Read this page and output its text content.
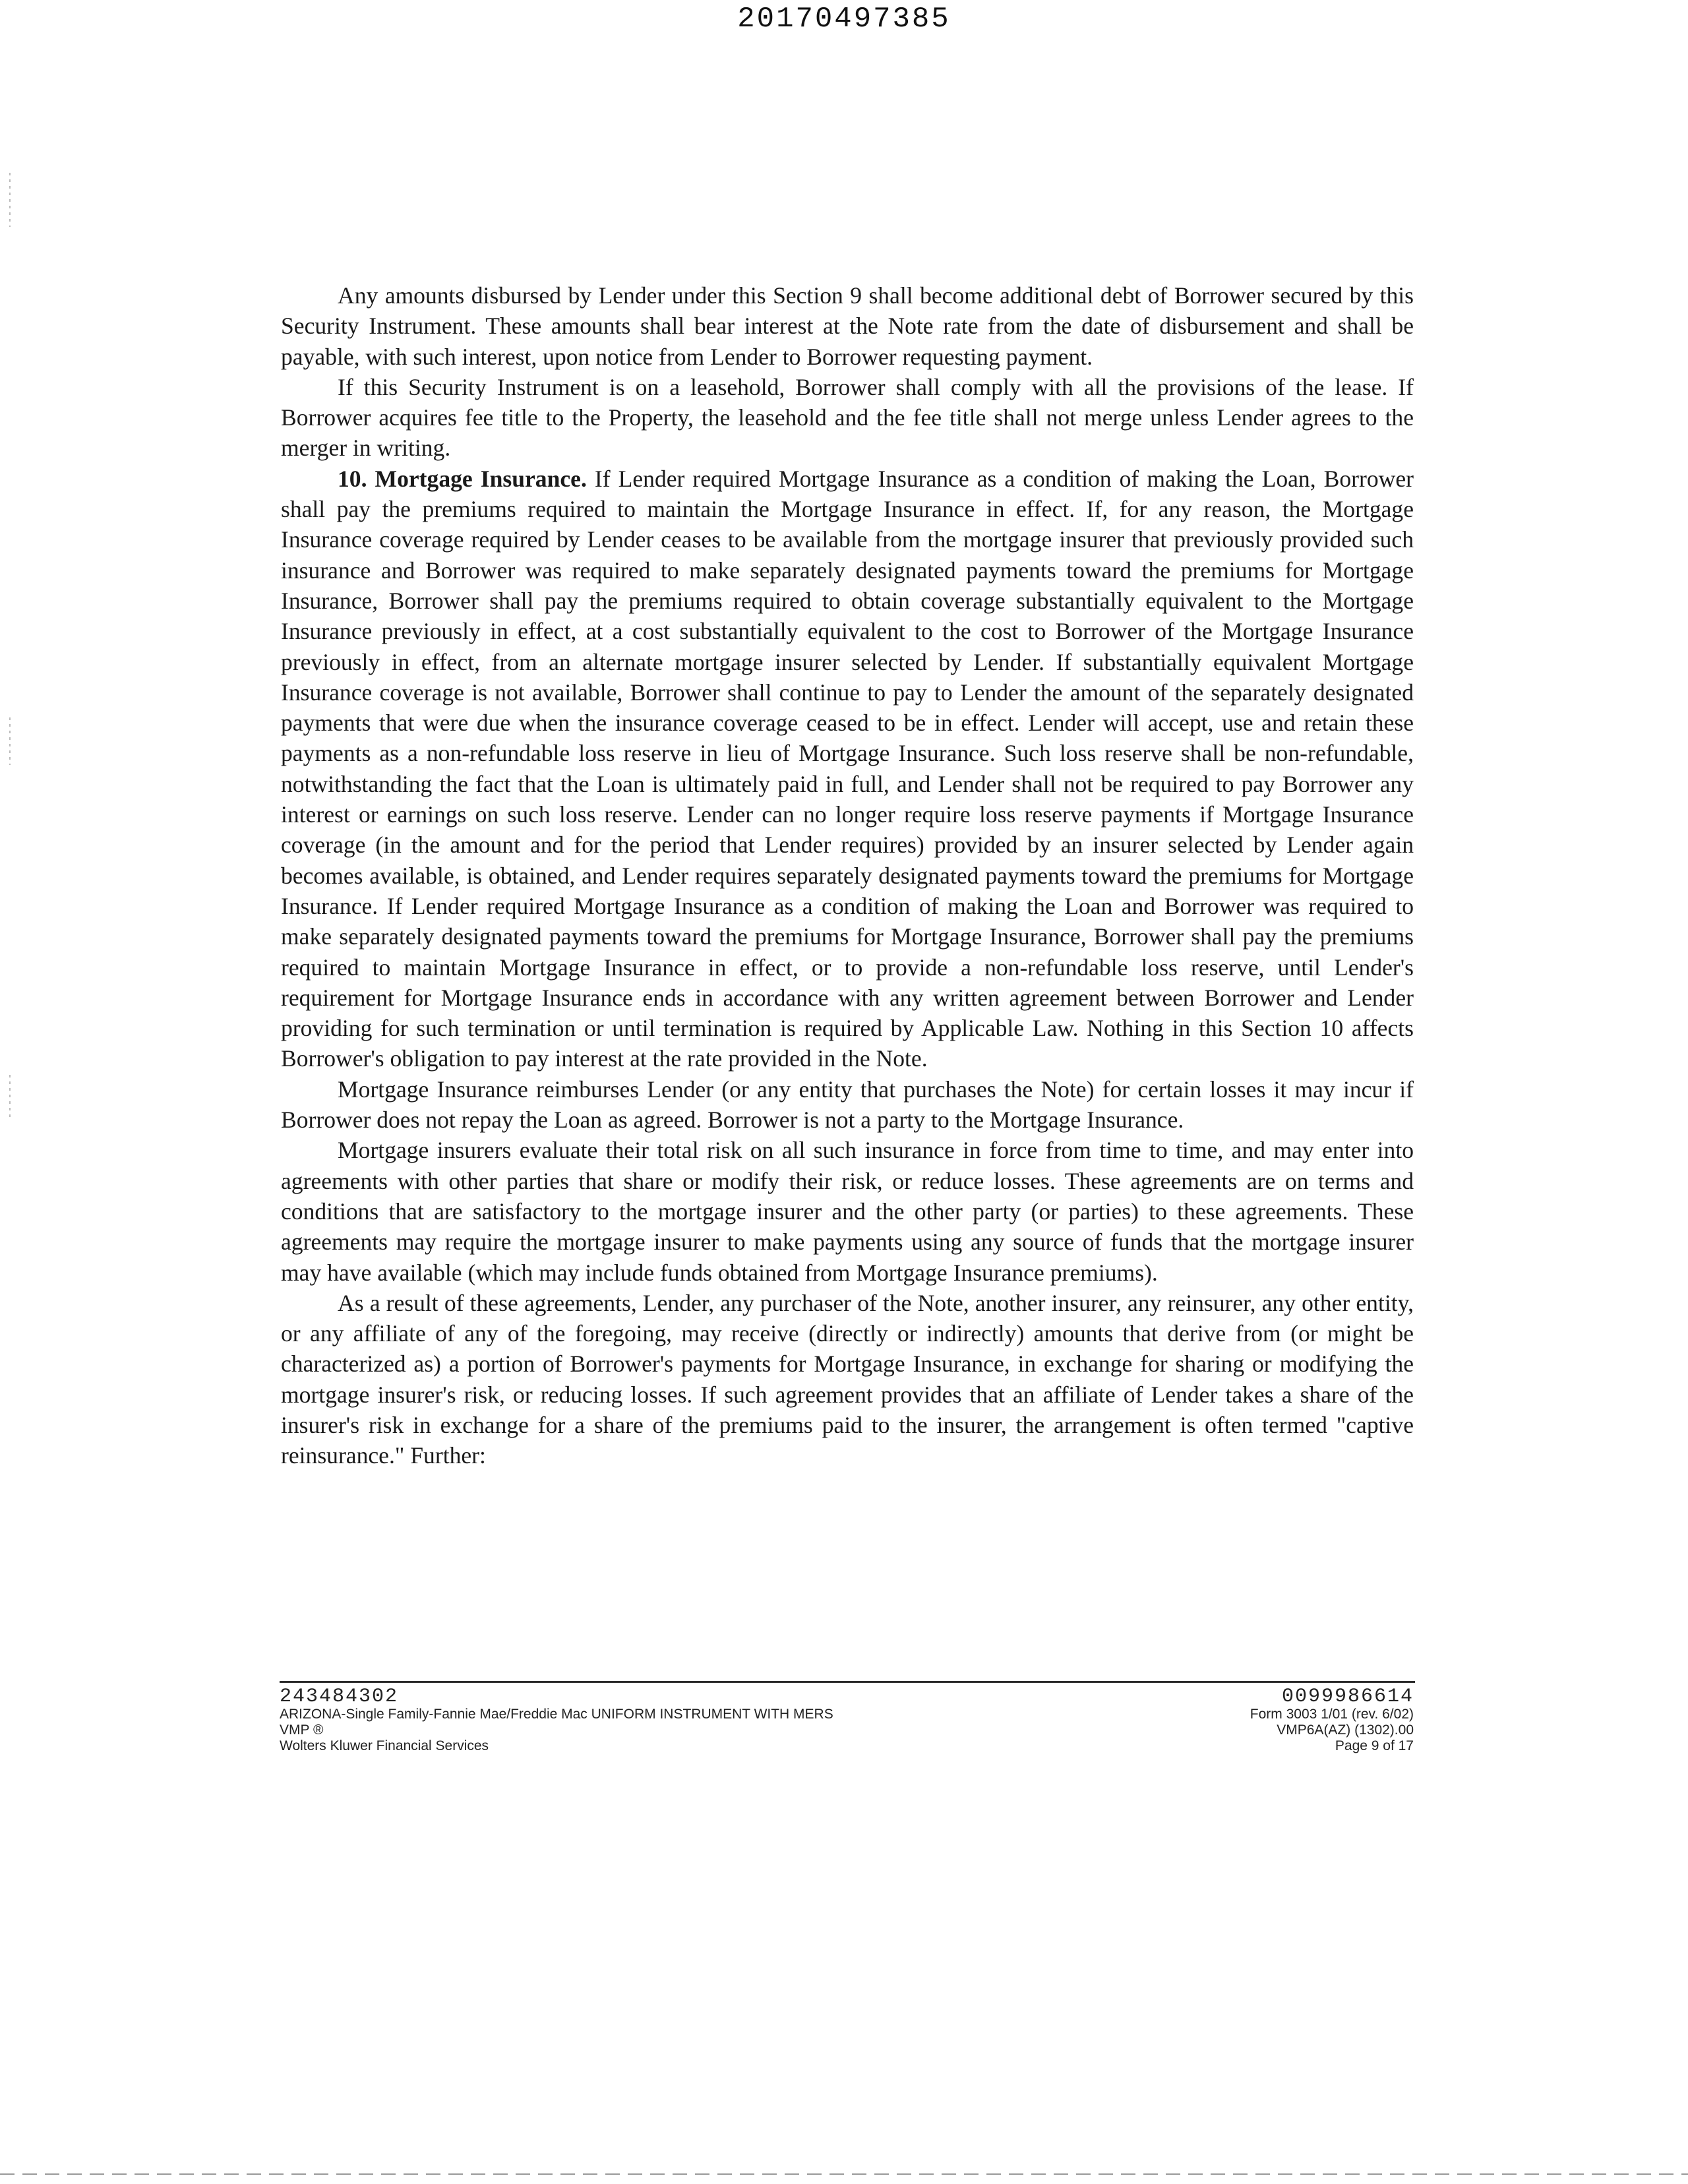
20170497385

Any amounts disbursed by Lender under this Section 9 shall become additional debt of Borrower secured by this Security Instrument. These amounts shall bear interest at the Note rate from the date of disbursement and shall be payable, with such interest, upon notice from Lender to Borrower requesting payment.

If this Security Instrument is on a leasehold, Borrower shall comply with all the provisions of the lease. If Borrower acquires fee title to the Property, the leasehold and the fee title shall not merge unless Lender agrees to the merger in writing.

10. Mortgage Insurance. If Lender required Mortgage Insurance as a condition of making the Loan, Borrower shall pay the premiums required to maintain the Mortgage Insurance in effect. If, for any reason, the Mortgage Insurance coverage required by Lender ceases to be available from the mortgage insurer that previously provided such insurance and Borrower was required to make separately designated payments toward the premiums for Mortgage Insurance, Borrower shall pay the premiums required to obtain coverage substantially equivalent to the Mortgage Insurance previously in effect, at a cost substantially equivalent to the cost to Borrower of the Mortgage Insurance previously in effect, from an alternate mortgage insurer selected by Lender. If substantially equivalent Mortgage Insurance coverage is not available, Borrower shall continue to pay to Lender the amount of the separately designated payments that were due when the insurance coverage ceased to be in effect. Lender will accept, use and retain these payments as a non-refundable loss reserve in lieu of Mortgage Insurance. Such loss reserve shall be non-refundable, notwithstanding the fact that the Loan is ultimately paid in full, and Lender shall not be required to pay Borrower any interest or earnings on such loss reserve. Lender can no longer require loss reserve payments if Mortgage Insurance coverage (in the amount and for the period that Lender requires) provided by an insurer selected by Lender again becomes available, is obtained, and Lender requires separately designated payments toward the premiums for Mortgage Insurance. If Lender required Mortgage Insurance as a condition of making the Loan and Borrower was required to make separately designated payments toward the premiums for Mortgage Insurance, Borrower shall pay the premiums required to maintain Mortgage Insurance in effect, or to provide a non-refundable loss reserve, until Lender's requirement for Mortgage Insurance ends in accordance with any written agreement between Borrower and Lender providing for such termination or until termination is required by Applicable Law. Nothing in this Section 10 affects Borrower's obligation to pay interest at the rate provided in the Note.

Mortgage Insurance reimburses Lender (or any entity that purchases the Note) for certain losses it may incur if Borrower does not repay the Loan as agreed. Borrower is not a party to the Mortgage Insurance.

Mortgage insurers evaluate their total risk on all such insurance in force from time to time, and may enter into agreements with other parties that share or modify their risk, or reduce losses. These agreements are on terms and conditions that are satisfactory to the mortgage insurer and the other party (or parties) to these agreements. These agreements may require the mortgage insurer to make payments using any source of funds that the mortgage insurer may have available (which may include funds obtained from Mortgage Insurance premiums).

As a result of these agreements, Lender, any purchaser of the Note, another insurer, any reinsurer, any other entity, or any affiliate of any of the foregoing, may receive (directly or indirectly) amounts that derive from (or might be characterized as) a portion of Borrower's payments for Mortgage Insurance, in exchange for sharing or modifying the mortgage insurer's risk, or reducing losses. If such agreement provides that an affiliate of Lender takes a share of the insurer's risk in exchange for a share of the premiums paid to the insurer, the arrangement is often termed "captive reinsurance." Further:

243484302
ARIZONA-Single Family-Fannie Mae/Freddie Mac UNIFORM INSTRUMENT WITH MERS
VMP ®
Wolters Kluwer Financial Services
0099986614
Form 3003 1/01 (rev. 6/02)
VMP6A(AZ) (1302).00
Page 9 of 17
